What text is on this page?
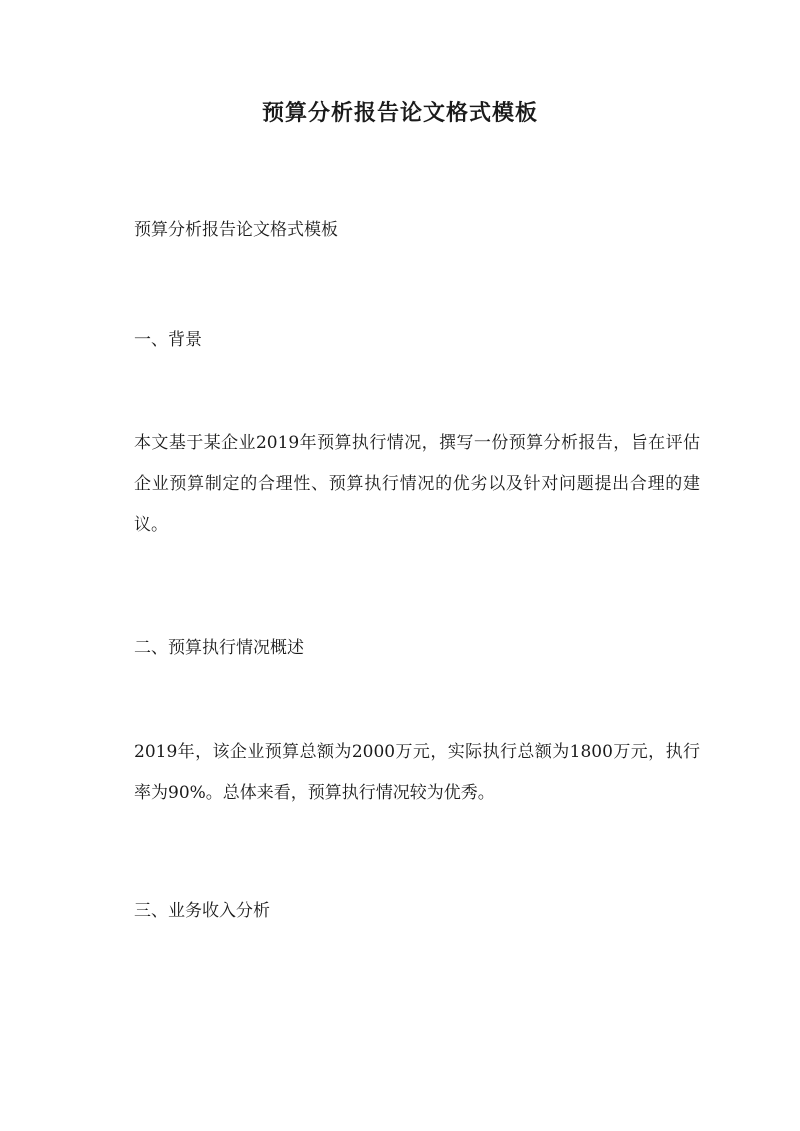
预算分析报告论文格式模板

预算分析报告论文格式模板

一、背景

本文基于某企业2019年预算执行情况，撰写一份预算分析报告，旨在评估企业预算制定的合理性、预算执行情况的优劣以及针对问题提出合理的建议。

二、预算执行情况概述

2019年，该企业预算总额为2000万元，实际执行总额为1800万元，执行率为90%。总体来看，预算执行情况较为优秀。

三、业务收入分析
